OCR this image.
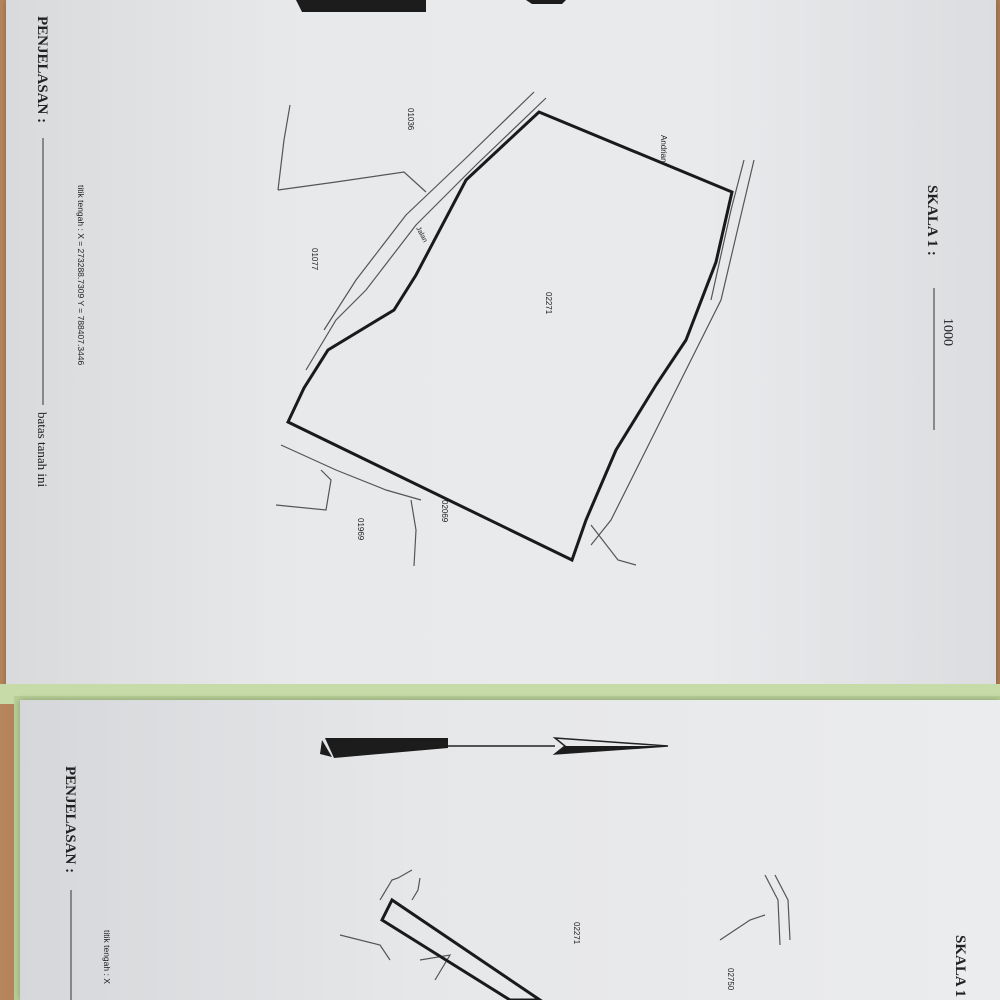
SKALA 1 :
1000
PENJELASAN :
batas tanah ini
titik tengah : X = 273288.7309 Y = 788407.3446	02271
02069
01077
01036
01969
Andriani
Jalan
SKALA 1
PENJELASAN :
titik tengah : X	02271
02750
